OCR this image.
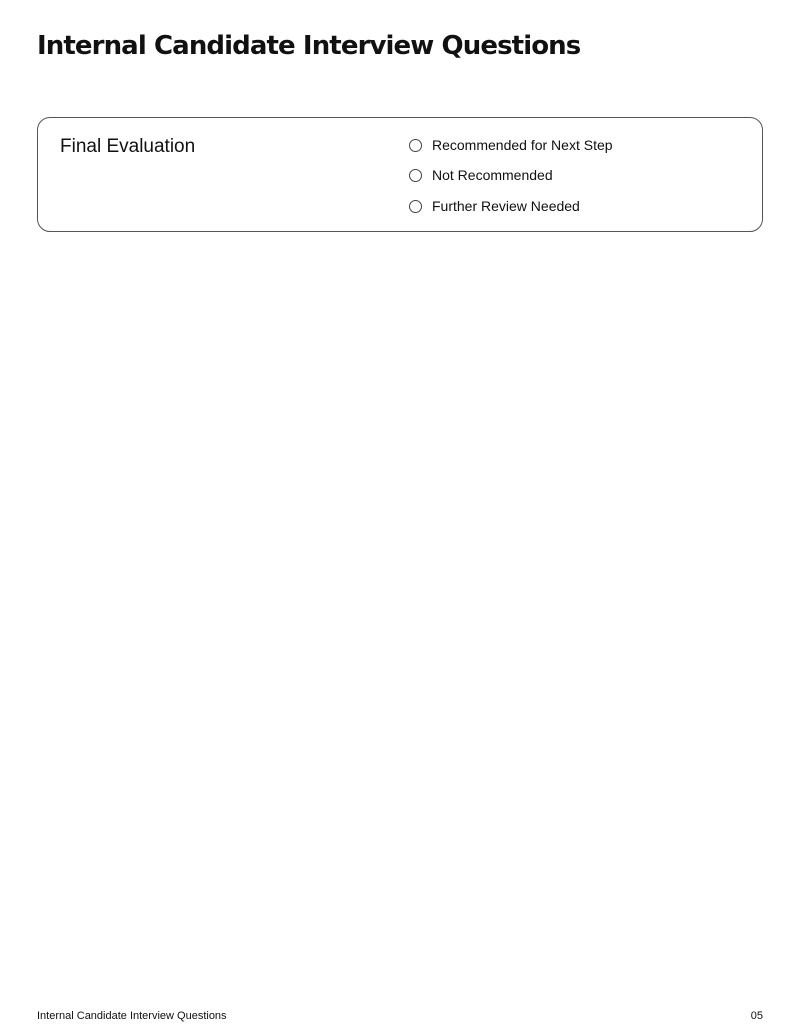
Internal Candidate Interview Questions
Final Evaluation	Recommended for Next Step
Not Recommended
Further Review Needed
Internal Candidate Interview Questions	05
